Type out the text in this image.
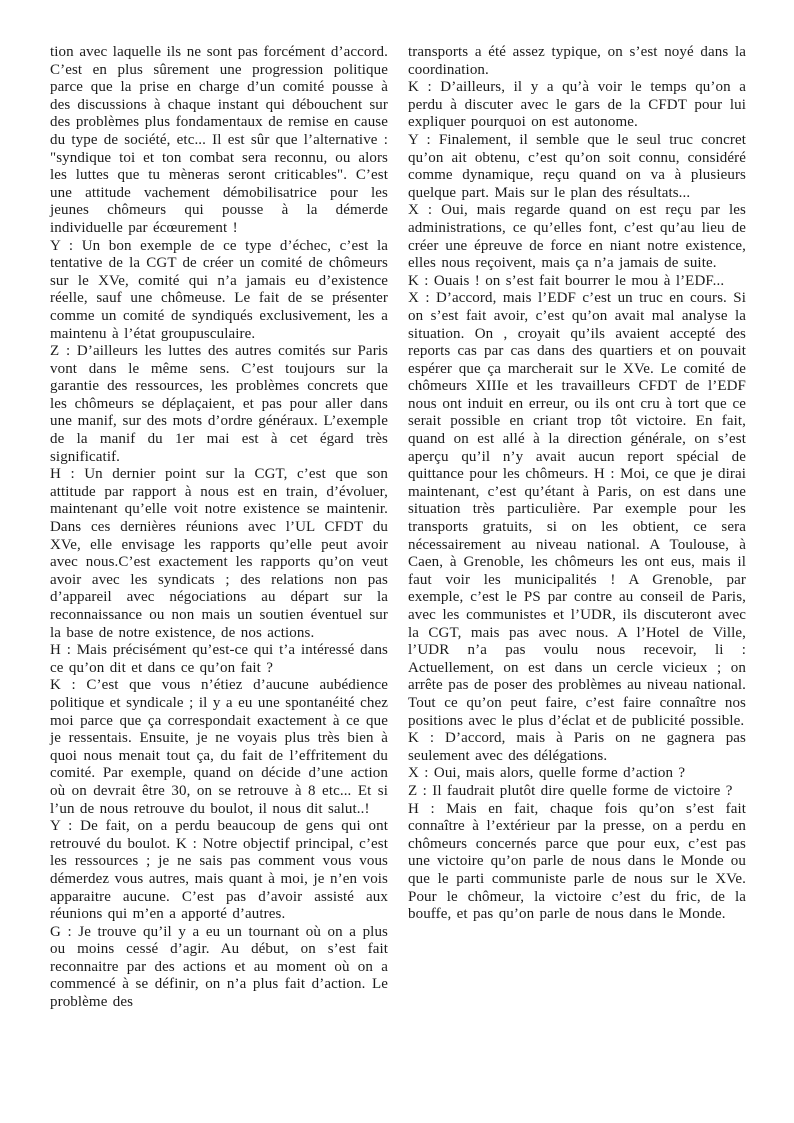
tion avec laquelle ils ne sont pas forcément d’accord. C’est en plus sûrement une progression politique parce que la prise en charge d’un comité pousse à des discussions à chaque instant qui débouchent sur des problèmes plus fondamentaux de remise en cause du type de société, etc... Il est sûr que l’alternative : "syndique toi et ton combat sera reconnu, ou alors les luttes que tu mèneras seront criticables". C’est une attitude vachement démobilisatrice pour les jeunes chômeurs qui pousse à la démerde individuelle par écœurement !

Y : Un bon exemple de ce type d’échec, c’est la tentative de la CGT de créer un comité de chômeurs sur le XVe, comité qui n’a jamais eu d’existence réelle, sauf une chômeuse. Le fait de se présenter comme un comité de syndiqués exclusivement, les a maintenu à l’état groupusculaire.

Z : D’ailleurs les luttes des autres comités sur Paris vont dans le même sens. C’est toujours sur la garantie des ressources, les problèmes concrets que les chômeurs se déplaçaient, et pas pour aller dans une manif, sur des mots d’ordre généraux. L’exemple de la manif du 1er mai est à cet égard très significatif.

H : Un dernier point sur la CGT, c’est que son attitude par rapport à nous est en train, d’évoluer, maintenant qu’elle voit notre existence se maintenir. Dans ces dernières réunions avec l’UL CFDT du XVe, elle envisage les rapports qu’elle peut avoir avec nous.C’est exactement les rapports qu’on veut avoir avec les syndicats ; des relations non pas d’appareil avec négociations au départ sur la reconnaissance ou non mais un soutien éventuel sur la base de notre existence, de nos actions.

H : Mais précisément qu’est-ce qui t’a intéressé dans ce qu’on dit et dans ce qu’on fait ?

K : C’est que vous n’étiez d’aucune aubédience politique et syndicale ; il y a eu une spontanéité chez moi parce que ça correspondait exactement à ce que je ressentais. Ensuite, je ne voyais plus très bien à quoi nous menait tout ça, du fait de l’effritement du comité. Par exemple, quand on décide d’une action où on devrait être 30, on se retrouve à 8 etc... Et si l’un de nous retrouve du boulot, il nous dit salut..!

Y : De fait, on a perdu beaucoup de gens qui ont retrouvé du boulot. K : Notre objectif principal, c’est les ressources ; je ne sais pas comment vous vous démerdez vous autres, mais quant à moi, je n’en vois apparaitre aucune. C’est pas d’avoir assisté aux réunions qui m’en a apporté d’autres.

G : Je trouve qu’il y a eu un tournant où on a plus ou moins cessé d’agir. Au début, on s’est fait reconnaitre par des actions et au moment où on a commencé à se définir, on n’a plus fait d’action. Le problème des

transports a été assez typique, on s’est noyé dans la coordination.

K : D’ailleurs, il y a qu’à voir le temps qu’on a perdu à discuter avec le gars de la CFDT pour lui expliquer pourquoi on est autonome.

Y : Finalement, il semble que le seul truc concret qu’on ait obtenu, c’est qu’on soit connu, considéré comme dynamique, reçu quand on va à plusieurs quelque part. Mais sur le plan des résultats...

X : Oui, mais regarde quand on est reçu par les administrations, ce qu’elles font, c’est qu’au lieu de créer une épreuve de force en niant notre existence, elles nous reçoivent, mais ça n’a jamais de suite.

K : Ouais ! on s’est fait bourrer le mou à l’EDF...

X : D’accord, mais l’EDF c’est un truc en cours. Si on s’est fait avoir, c’est qu’on avait mal analyse la situation. On , croyait qu’ils avaient accepté des reports cas par cas dans des quartiers et on pouvait espérer que ça marcherait sur le XVe. Le comité de chômeurs XIIIe et les travailleurs CFDT de l’EDF nous ont induit en erreur, ou ils ont cru à tort que ce serait possible en criant trop tôt victoire. En fait, quand on est allé à la direction générale, on s’est aperçu qu’il n’y avait aucun report spécial de quittance pour les chômeurs. H : Moi, ce que je dirai maintenant, c’est qu’étant à Paris, on est dans une situation très particulière. Par exemple pour les transports gratuits, si on les obtient, ce sera nécessairement au niveau national. A Toulouse, à Caen, à Grenoble, les chômeurs les ont eus, mais il faut voir les municipalités ! A Grenoble, par exemple, c’est le PS par contre au conseil de Paris, avec les communistes et l’UDR, ils discuteront avec la CGT, mais pas avec nous. A l’Hotel de Ville, l’UDR n’a pas voulu nous recevoir, li : Actuellement, on est dans un cercle vicieux ; on arrête pas de poser des problèmes au niveau national. Tout ce qu’on peut faire, c’est faire connaître nos positions avec le plus d’éclat et de publicité possible.

K : D’accord, mais à Paris on ne gagnera pas seulement avec des délégations.

X : Oui, mais alors, quelle forme d’action ?

Z : Il faudrait plutôt dire quelle forme de victoire ?

H : Mais en fait, chaque fois qu’on s’est fait connaître à l’extérieur par la presse, on a perdu en chômeurs concernés parce que pour eux, c’est pas une victoire qu’on parle de nous dans le Monde ou que le parti communiste parle de nous sur le XVe. Pour le chômeur, la victoire c’est du fric, de la bouffe, et pas qu’on parle de nous dans le Monde.
